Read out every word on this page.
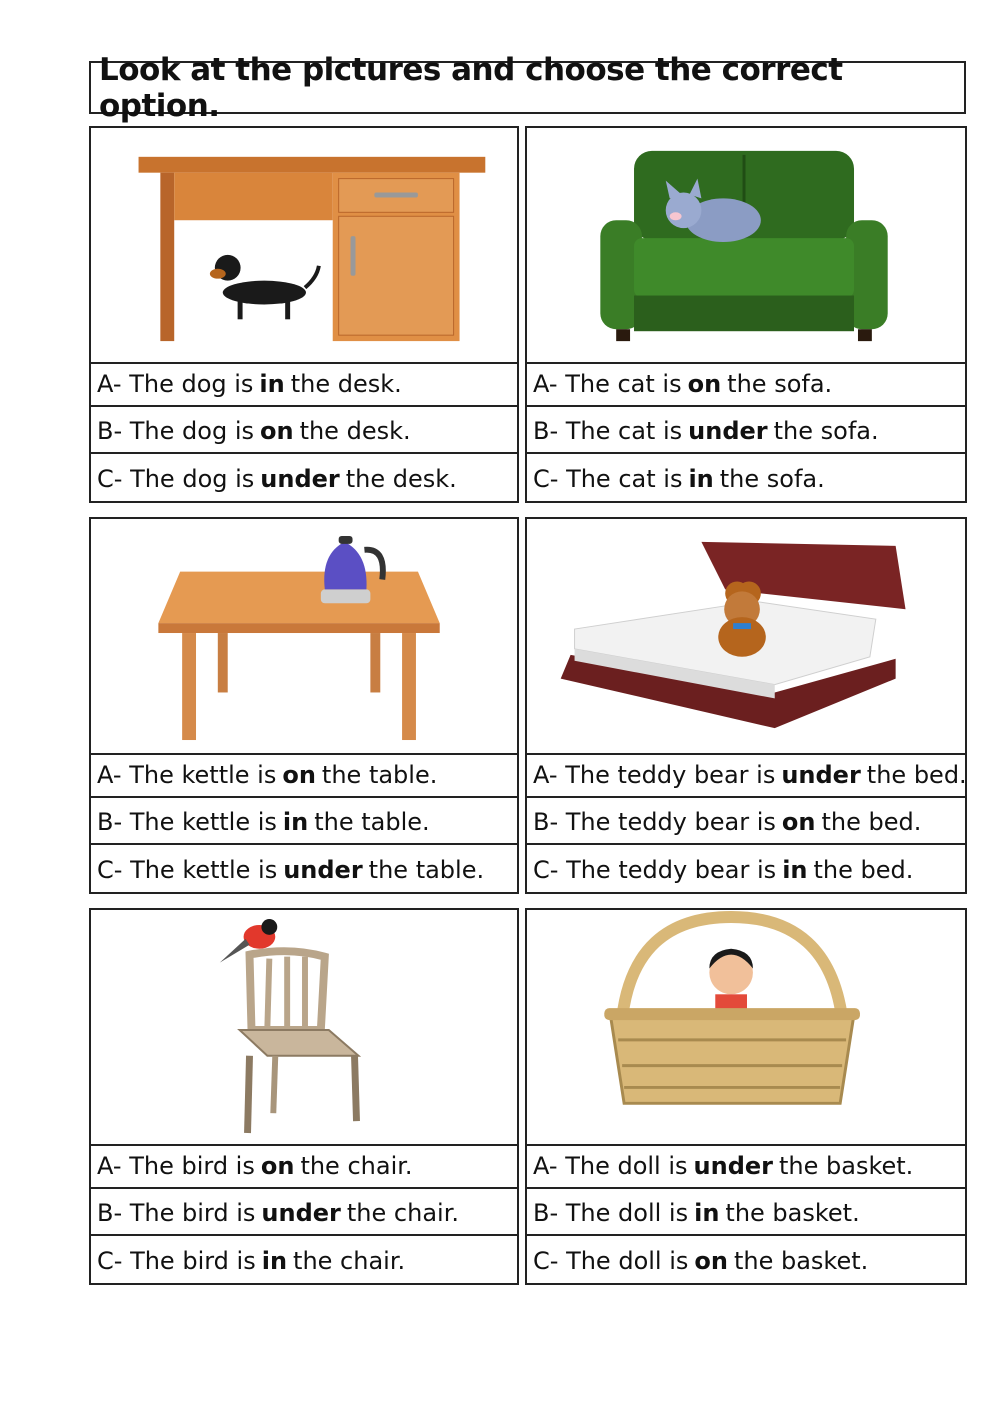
Look at the pictures and choose the correct option.
A-
The dog is in the desk.
B-
The dog is on the desk.
C-
The dog is under the desk.
A-
The cat is on the sofa.
B-
The cat is under the sofa.
C-
The cat is in the sofa.
A-
The kettle is on the table.
B-
The kettle is in the table.
C-
The kettle is under the table.
A-
The teddy bear is under the bed.
B-
The teddy bear is on the bed.
C-
The teddy bear is in the bed.
A-
The bird is on the chair.
B-
The bird is under the chair.
C-
The bird is in the chair.
A-
The doll is under the basket.
B-
The doll is in the basket.
C-
The doll is on the basket.
